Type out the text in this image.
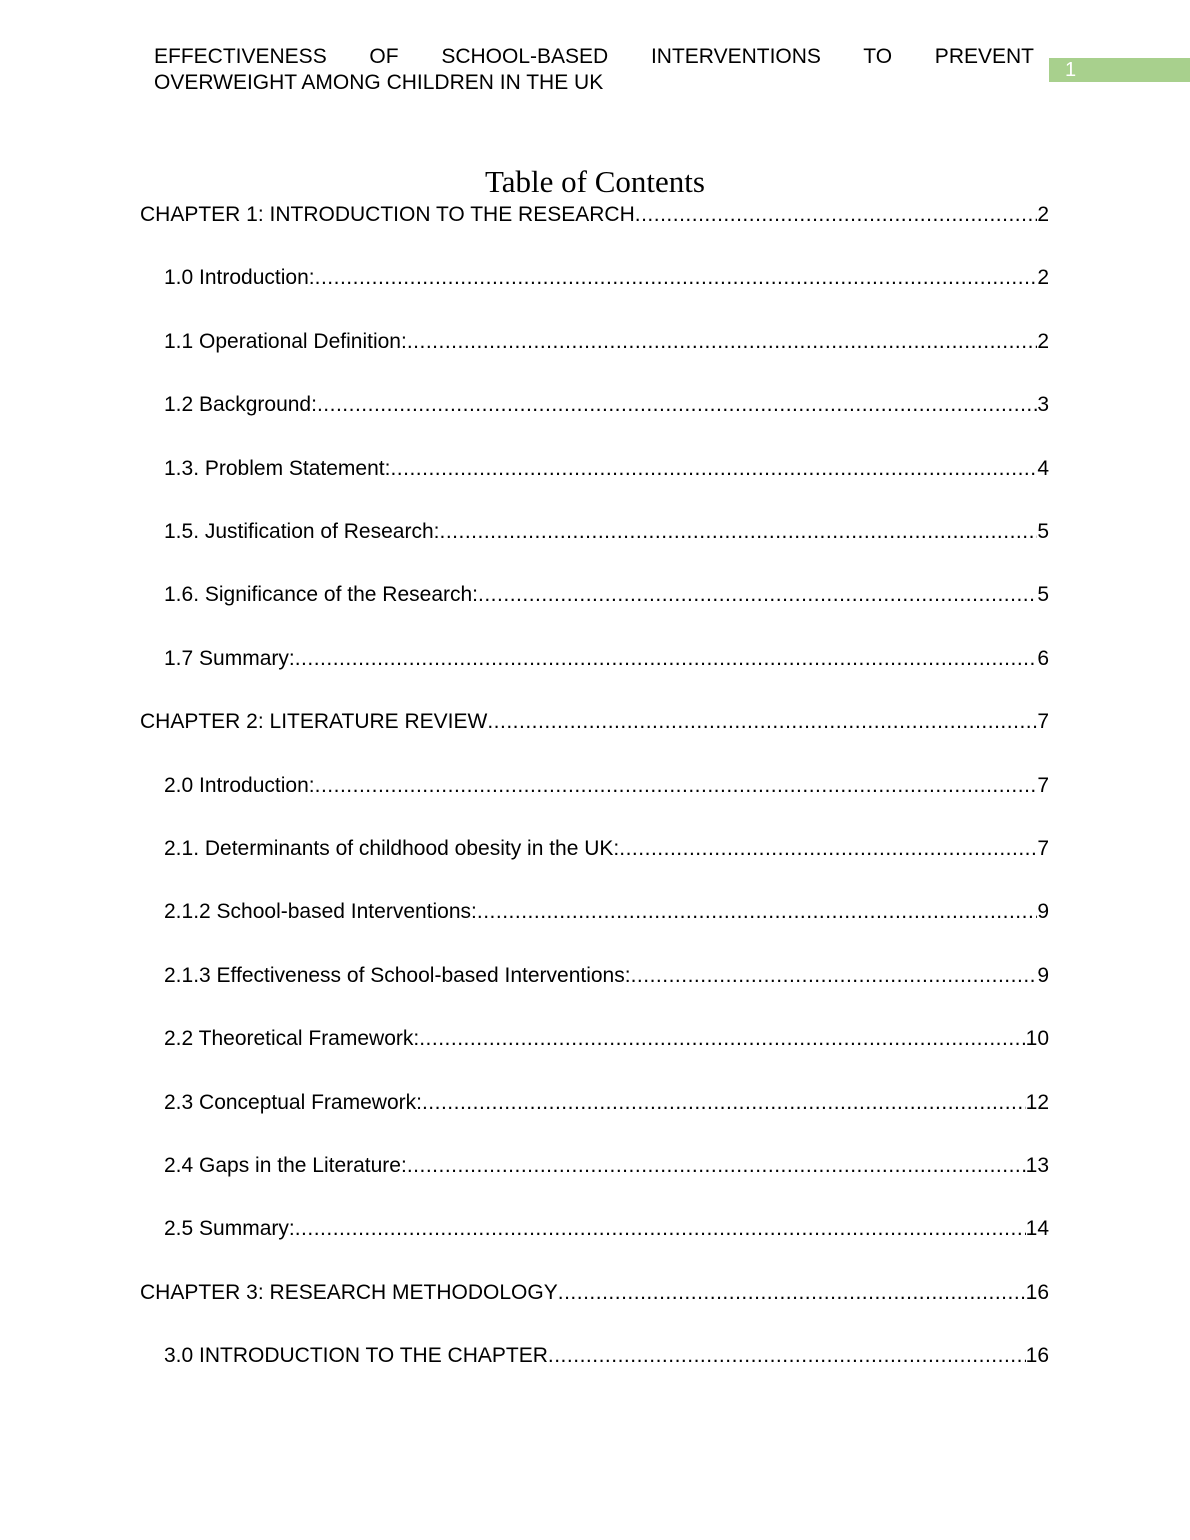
EFFECTIVENESS OF SCHOOL-BASED INTERVENTIONS TO PREVENT
OVERWEIGHT AMONG CHILDREN IN THE UK
1
Table of Contents
CHAPTER 1: INTRODUCTION TO THE RESEARCH .....	2
1.0 Introduction: .....	2
1.1 Operational Definition: .....	2
1.2 Background: .....	3
1.3. Problem Statement: .....	4
1.5. Justification of Research: .....	5
1.6. Significance of the Research: .....	5
1.7 Summary: .....	6
CHAPTER 2: LITERATURE REVIEW .....	7
2.0 Introduction: .....	7
2.1. Determinants of childhood obesity in the UK: .....	7
2.1.2 School-based Interventions: .....	9
2.1.3 Effectiveness of School-based Interventions: .....	9
2.2 Theoretical Framework: .....	10
2.3 Conceptual Framework: .....	12
2.4 Gaps in the Literature: .....	13
2.5 Summary: .....	14
CHAPTER 3: RESEARCH METHODOLOGY .....	16
3.0 INTRODUCTION TO THE CHAPTER .....	16
